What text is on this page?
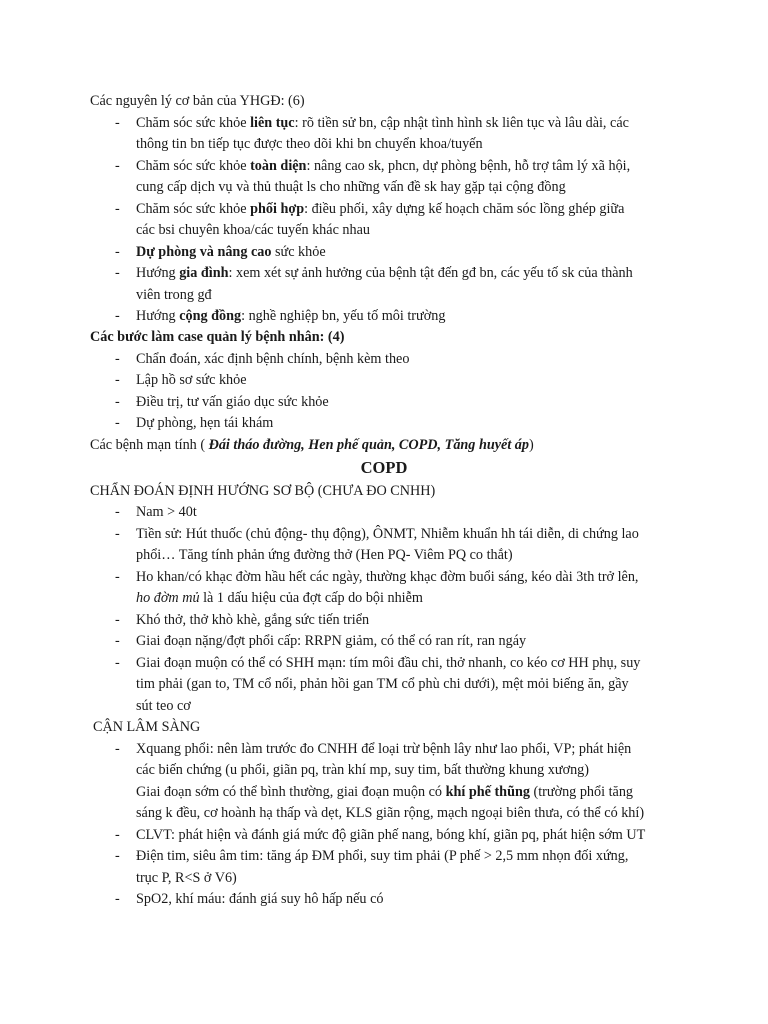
Các nguyên lý cơ bản của YHGĐ: (6)
- Chăm sóc sức khỏe liên tục: rõ tiền sử bn, cập nhật tình hình sk liên tục và lâu dài, các
thông tin bn tiếp tục được theo dõi khi bn chuyển khoa/tuyến
- Chăm sóc sức khỏe toàn diện: nâng cao sk, phcn, dự phòng bệnh, hỗ trợ tâm lý xã hội,
cung cấp dịch vụ và thủ thuật ls cho những vấn đề sk hay gặp tại cộng đồng
- Chăm sóc sức khỏe phối hợp: điều phối, xây dựng kế hoạch chăm sóc lồng ghép giữa
các bsi chuyên khoa/các tuyến khác nhau
- Dự phòng và nâng cao sức khỏe
- Hướng gia đình: xem xét sự ảnh hưởng của bệnh tật đến gđ bn, các yếu tố sk của thành
viên trong gđ
- Hướng cộng đồng: nghề nghiệp bn, yếu tố môi trường
Các bước làm case quản lý bệnh nhân: (4)
- Chẩn đoán, xác định bệnh chính, bệnh kèm theo
- Lập hồ sơ sức khỏe
- Điều trị, tư vấn giáo dục sức khỏe
- Dự phòng, hẹn tái khám
Các bệnh mạn tính ( Đái tháo đường, Hen phế quản, COPD, Tăng huyết áp)
COPD
CHẨN ĐOÁN ĐỊNH HƯỚNG SƠ BỘ (CHƯA ĐO CNHH)
- Nam > 40t
- Tiền sử: Hút thuốc (chủ động- thụ động), ÔNMT, Nhiễm khuẩn hh tái diễn, di chứng lao
phổi… Tăng tính phản ứng đường thở (Hen PQ- Viêm PQ co thắt)
- Ho khan/có khạc đờm hầu hết các ngày, thường khạc đờm buổi sáng, kéo dài 3th trở lên,
ho đờm mủ là 1 dấu hiệu của đợt cấp do bội nhiễm
- Khó thở, thở khò khè, gắng sức tiến triển
- Giai đoạn nặng/đợt phổi cấp: RRPN giảm, có thể có ran rít, ran ngáy
- Giai đoạn muộn có thể có SHH mạn: tím môi đầu chi, thở nhanh, co kéo cơ HH phụ, suy
tim phải (gan to, TM cổ nổi, phản hồi gan TM cổ phù chi dưới), mệt mỏi biếng ăn, gầy
sút teo cơ
CẬN LÂM SÀNG
- Xquang phổi: nên làm trước đo CNHH để loại trừ bệnh lây như lao phổi, VP; phát hiện
các biến chứng (u phổi, giãn pq, tràn khí mp, suy tim, bất thường khung xương)
Giai đoạn sớm có thể bình thường, giai đoạn muộn có khí phế thũng (trường phổi tăng
sáng k đều, cơ hoành hạ thấp và dẹt, KLS giãn rộng, mạch ngoại biên thưa, có thể có khí)
- CLVT: phát hiện và đánh giá mức độ giãn phế nang, bóng khí, giãn pq, phát hiện sớm UT
- Điện tim, siêu âm tim: tăng áp ĐM phổi, suy tim phải (P phế > 2,5 mm nhọn đối xứng,
trục P, R<S ở V6)
- SpO2, khí máu: đánh giá suy hô hấp nếu có
